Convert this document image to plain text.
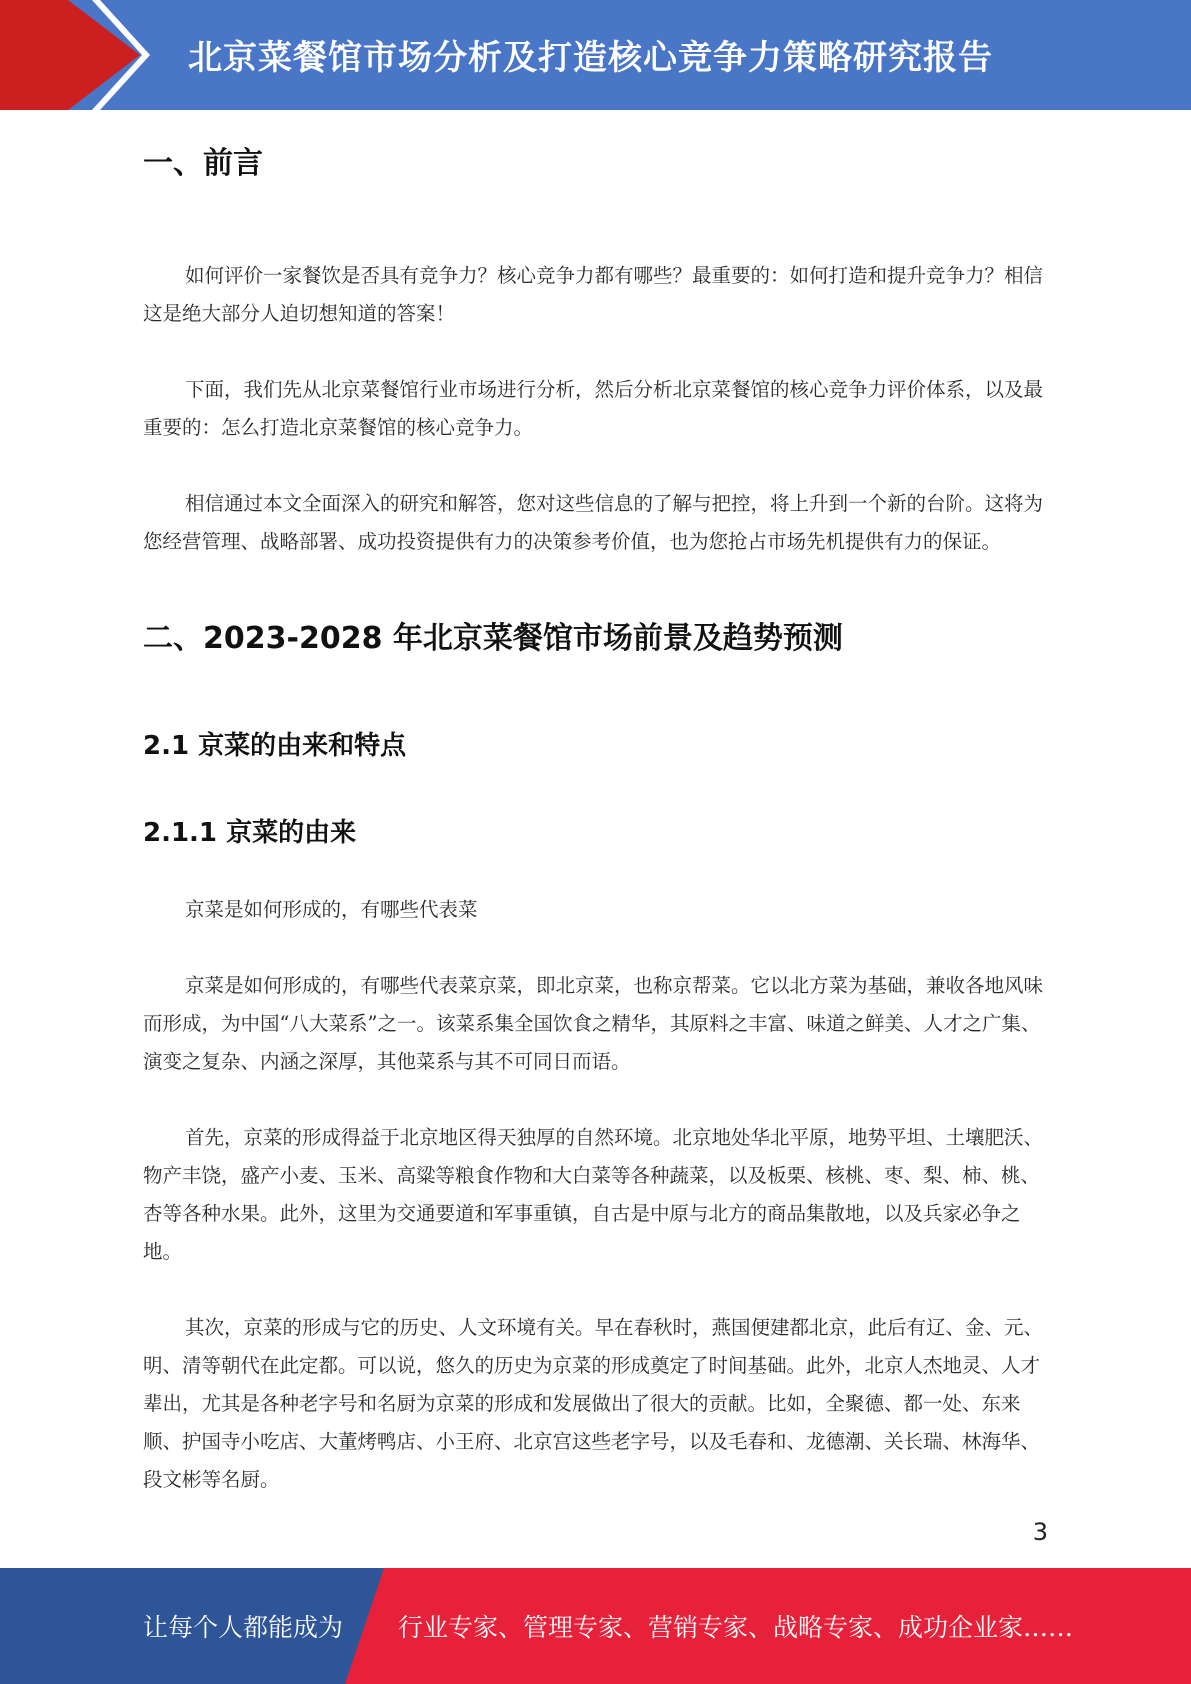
北京菜餐馆市场分析及打造核心竞争力策略研究报告
一、前言

如何评价一家餐饮是否具有竞争力？核心竞争力都有哪些？最重要的：如何打造和提升竞争力？相信这是绝大部分人迫切想知道的答案！

下面，我们先从北京菜餐馆行业市场进行分析，然后分析北京菜餐馆的核心竞争力评价体系，以及最重要的：怎么打造北京菜餐馆的核心竞争力。

相信通过本文全面深入的研究和解答，您对这些信息的了解与把控，将上升到一个新的台阶。这将为您经营管理、战略部署、成功投资提供有力的决策参考价值，也为您抢占市场先机提供有力的保证。

二、2023-2028 年北京菜餐馆市场前景及趋势预测
2.1 京菜的由来和特点
2.1.1 京菜的由来

京菜是如何形成的，有哪些代表菜

京菜是如何形成的，有哪些代表菜京菜，即北京菜，也称京帮菜。它以北方菜为基础，兼收各地风味而形成，为中国“八大菜系”之一。该菜系集全国饮食之精华，其原料之丰富、味道之鲜美、人才之广集、演变之复杂、内涵之深厚，其他菜系与其不可同日而语。

首先，京菜的形成得益于北京地区得天独厚的自然环境。北京地处华北平原，地势平坦、土壤肥沃、物产丰饶，盛产小麦、玉米、高粱等粮食作物和大白菜等各种蔬菜，以及板栗、核桃、枣、梨、柿、桃、杏等各种水果。此外，这里为交通要道和军事重镇，自古是中原与北方的商品集散地，以及兵家必争之地。

其次，京菜的形成与它的历史、人文环境有关。早在春秋时，燕国便建都北京，此后有辽、金、元、明、清等朝代在此定都。可以说，悠久的历史为京菜的形成奠定了时间基础。此外，北京人杰地灵、人才辈出，尤其是各种老字号和名厨为京菜的形成和发展做出了很大的贡献。比如，全聚德、都一处、东来顺、护国寺小吃店、大董烤鸭店、小王府、北京宫这些老字号，以及毛春和、龙德潮、关长瑞、林海华、段文彬等名厨。

3
让每个人都能成为 行业专家、管理专家、营销专家、战略专家、成功企业家……
